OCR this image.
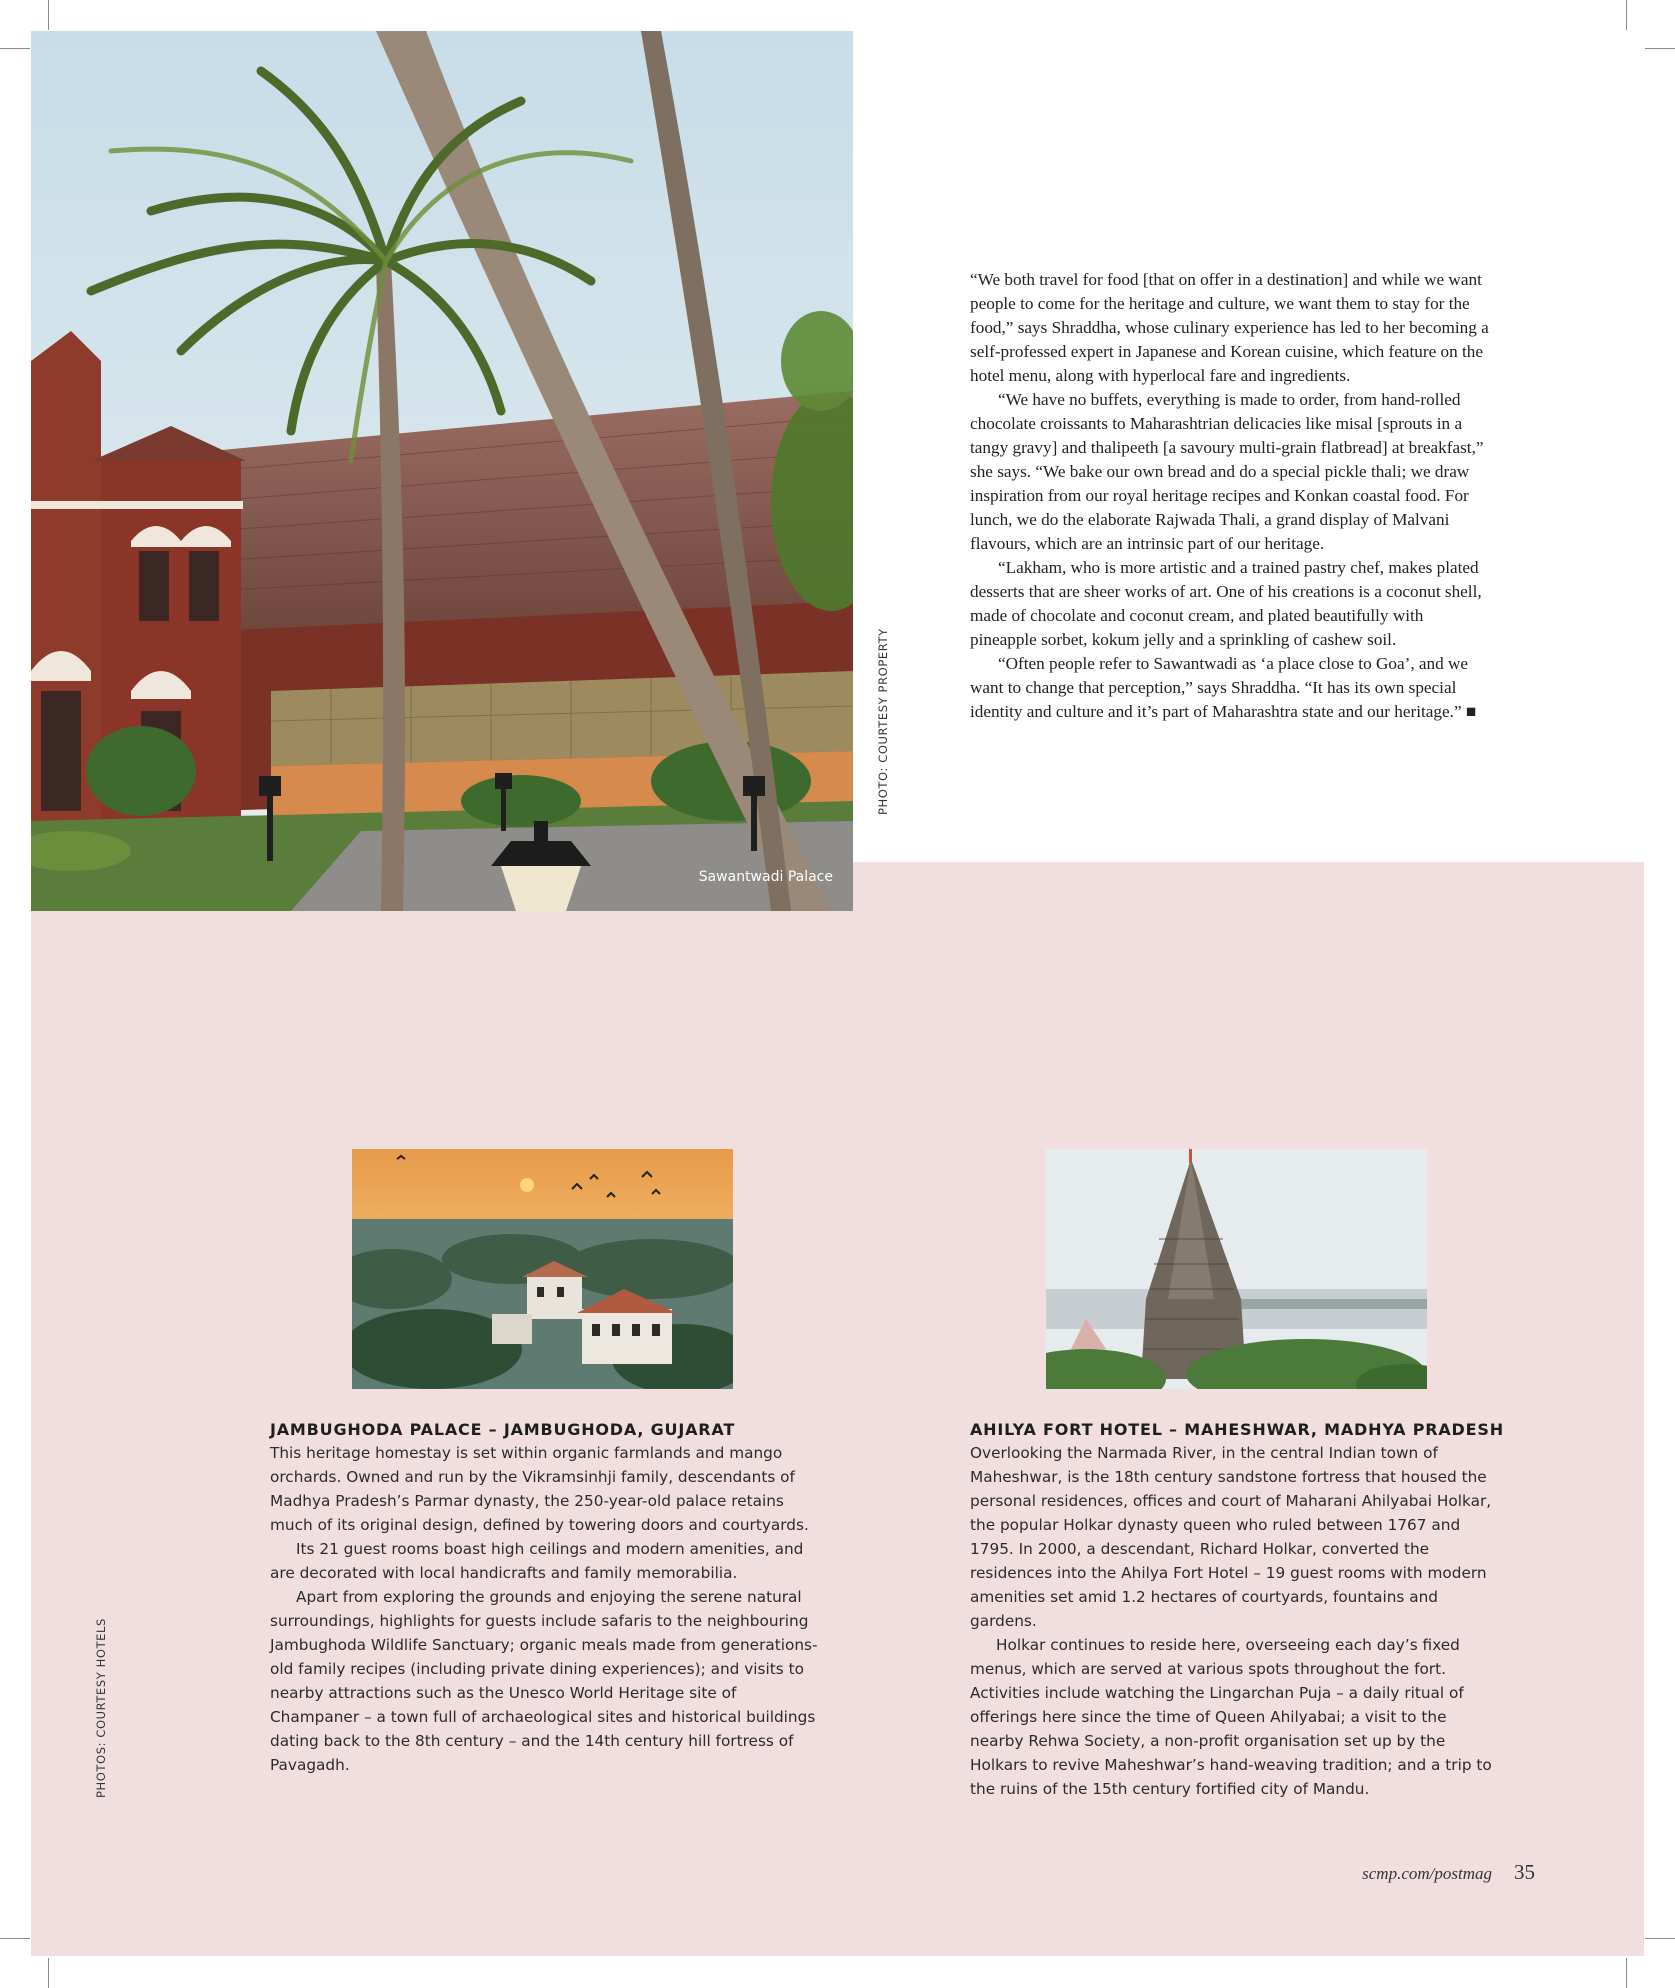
Sawantwadi Palace
PHOTO: COURTESY PROPERTY

“We both travel for food [that on offer in a destination] and while we want people to come for the heritage and culture, we want them to stay for the food,” says Shraddha, whose culinary experience has led to her becoming a self-professed expert in Japanese and Korean cuisine, which feature on the hotel menu, along with hyperlocal fare and ingredients.

“We have no buffets, everything is made to order, from hand-rolled chocolate croissants to Maharashtrian delicacies like misal [sprouts in a tangy gravy] and thalipeeth [a savoury multi-grain flatbread] at breakfast,” she says. “We bake our own bread and do a special pickle thali; we draw inspiration from our royal heritage recipes and Konkan coastal food. For lunch, we do the elaborate Rajwada Thali, a grand display of Malvani flavours, which are an intrinsic part of our heritage.

“Lakham, who is more artistic and a trained pastry chef, makes plated desserts that are sheer works of art. One of his creations is a coconut shell, made of chocolate and coconut cream, and plated beautifully with pineapple sorbet, kokum jelly and a sprinkling of cashew soil.

“Often people refer to Sawantwadi as ‘a place close to Goa’, and we want to change that perception,” says Shraddha. “It has its own special identity and culture and it’s part of Maharashtra state and our heritage.” ■

JAMBUGHODA PALACE – JAMBUGHODA, GUJARAT

This heritage homestay is set within organic farmlands and mango orchards. Owned and run by the Vikramsinhji family, descendants of Madhya Pradesh’s Parmar dynasty, the 250-year-old palace retains much of its original design, defined by towering doors and courtyards.

Its 21 guest rooms boast high ceilings and modern amenities, and are decorated with local handicrafts and family memorabilia.

Apart from exploring the grounds and enjoying the serene natural surroundings, highlights for guests include safaris to the neighbouring Jambughoda Wildlife Sanctuary; organic meals made from generations-old family recipes (including private dining experiences); and visits to nearby attractions such as the Unesco World Heritage site of Champaner – a town full of archaeological sites and historical buildings dating back to the 8th century – and the 14th century hill fortress of Pavagadh.

AHILYA FORT HOTEL – MAHESHWAR, MADHYA PRADESH

Overlooking the Narmada River, in the central Indian town of Maheshwar, is the 18th century sandstone fortress that housed the personal residences, offices and court of Maharani Ahilyabai Holkar, the popular Holkar dynasty queen who ruled between 1767 and 1795. In 2000, a descendant, Richard Holkar, converted the residences into the Ahilya Fort Hotel – 19 guest rooms with modern amenities set amid 1.2 hectares of courtyards, fountains and gardens.

Holkar continues to reside here, overseeing each day’s fixed menus, which are served at various spots throughout the fort. Activities include watching the Lingarchan Puja – a daily ritual of offerings here since the time of Queen Ahilyabai; a visit to the nearby Rehwa Society, a non-profit organisation set up by the Holkars to revive Maheshwar’s hand-weaving tradition; and a trip to the ruins of the 15th century fortified city of Mandu.

PHOTOS: COURTESY HOTELS
scmp.com/postmag 35
